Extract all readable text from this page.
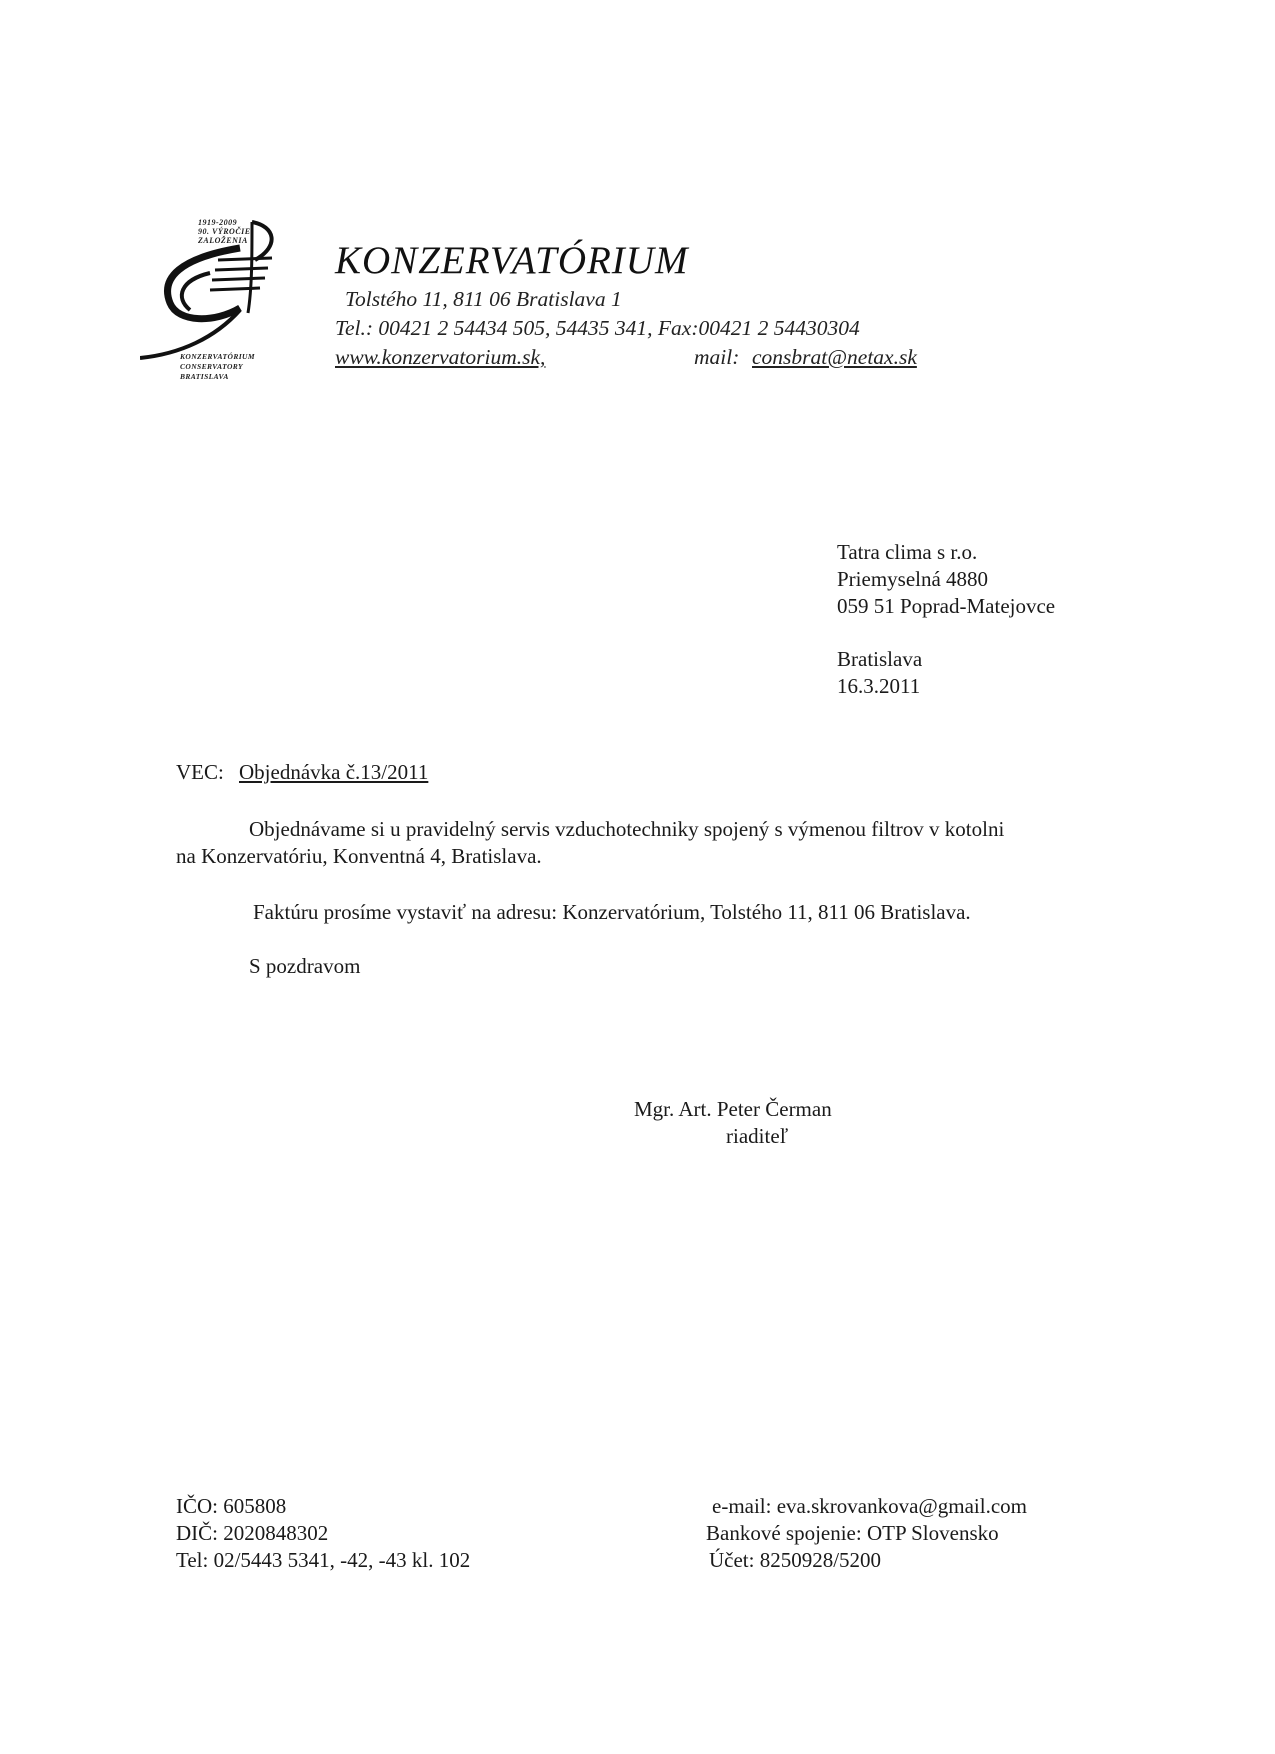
1919-2009
90. VÝROČIE
ZALOŽENIA
KONZERVATÓRIUM
CONSERVATORY
BRATISLAVA
KONZERVATÓRIUM
Tolstého 11, 811 06 Bratislava 1
Tel.: 00421 2 54434 505, 54435 341, Fax:00421 2 54430304
www.konzervatorium.sk,	mail: consbrat@netax.sk
Tatra clima s r.o.
Priemyselná 4880
059 51 Poprad-Matejovce
Bratislava
16.3.2011
VEC: Objednávka č.13/2011
Objednávame si u pravidelný servis vzduchotechniky spojený s výmenou filtrov v kotolni
na Konzervatóriu, Konventná 4, Bratislava.
Faktúru prosíme vystaviť na adresu: Konzervatórium, Tolstého 11, 811 06 Bratislava.
S pozdravom
Mgr. Art. Peter Čerman
riaditeľ
IČO: 605808
DIČ: 2020848302
Tel: 02/5443 5341, -42, -43 kl. 102
e-mail: eva.skrovankova@gmail.com
Bankové spojenie: OTP Slovensko
Účet: 8250928/5200
